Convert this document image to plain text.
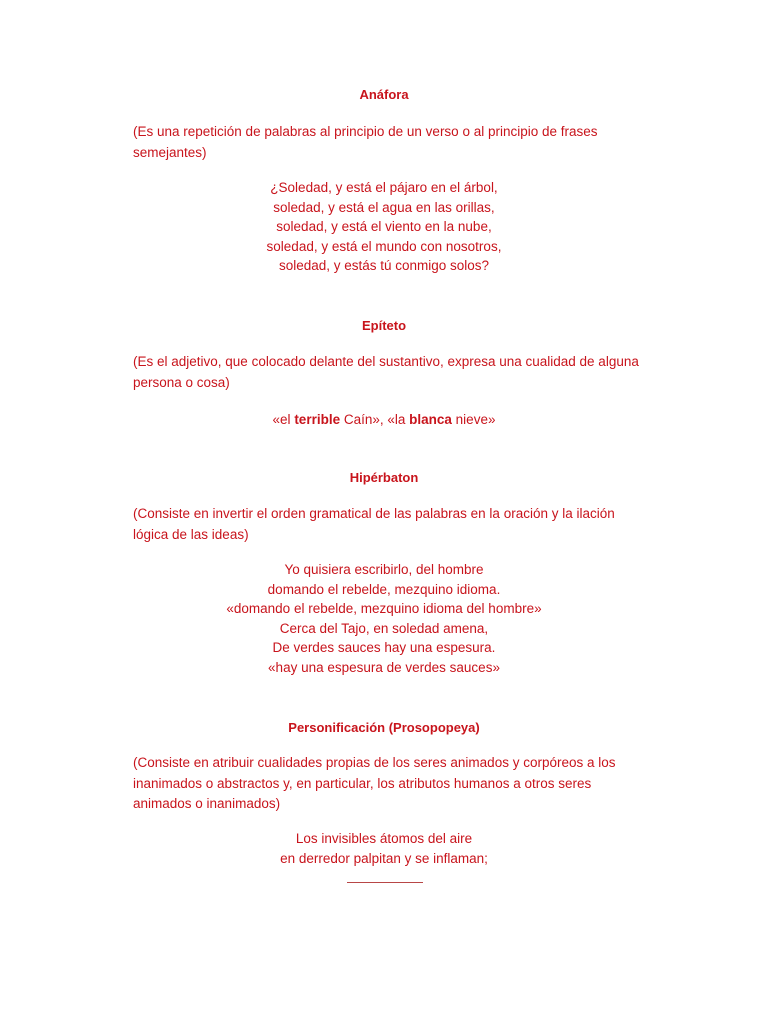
Anáfora

(Es una repetición de palabras al principio de un verso o al principio de frases semejantes)

¿Soledad, y está el pájaro en el árbol,
soledad, y está el agua en las orillas,
soledad, y está el viento en la nube,
soledad, y está el mundo con nosotros,
soledad, y estás tú conmigo solos?
Epíteto

(Es el adjetivo, que colocado delante del sustantivo, expresa una cualidad de alguna persona o cosa)

«el terrible Caín», «la blanca nieve»

Hipérbaton

(Consiste en invertir el orden gramatical de las palabras en la oración y la ilación lógica de las ideas)

Yo quisiera escribirlo, del hombre
domando el rebelde, mezquino idioma.
«domando el rebelde, mezquino idioma del hombre»
Cerca del Tajo, en soledad amena,
De verdes sauces hay una espesura.
«hay una espesura de verdes sauces»
Personificación (Prosopopeya)

(Consiste en atribuir cualidades propias de los seres animados y corpóreos a los inanimados o abstractos y, en particular, los atributos humanos a otros seres animados o inanimados)

Los invisibles átomos del aire
en derredor palpitan y se inflaman;
